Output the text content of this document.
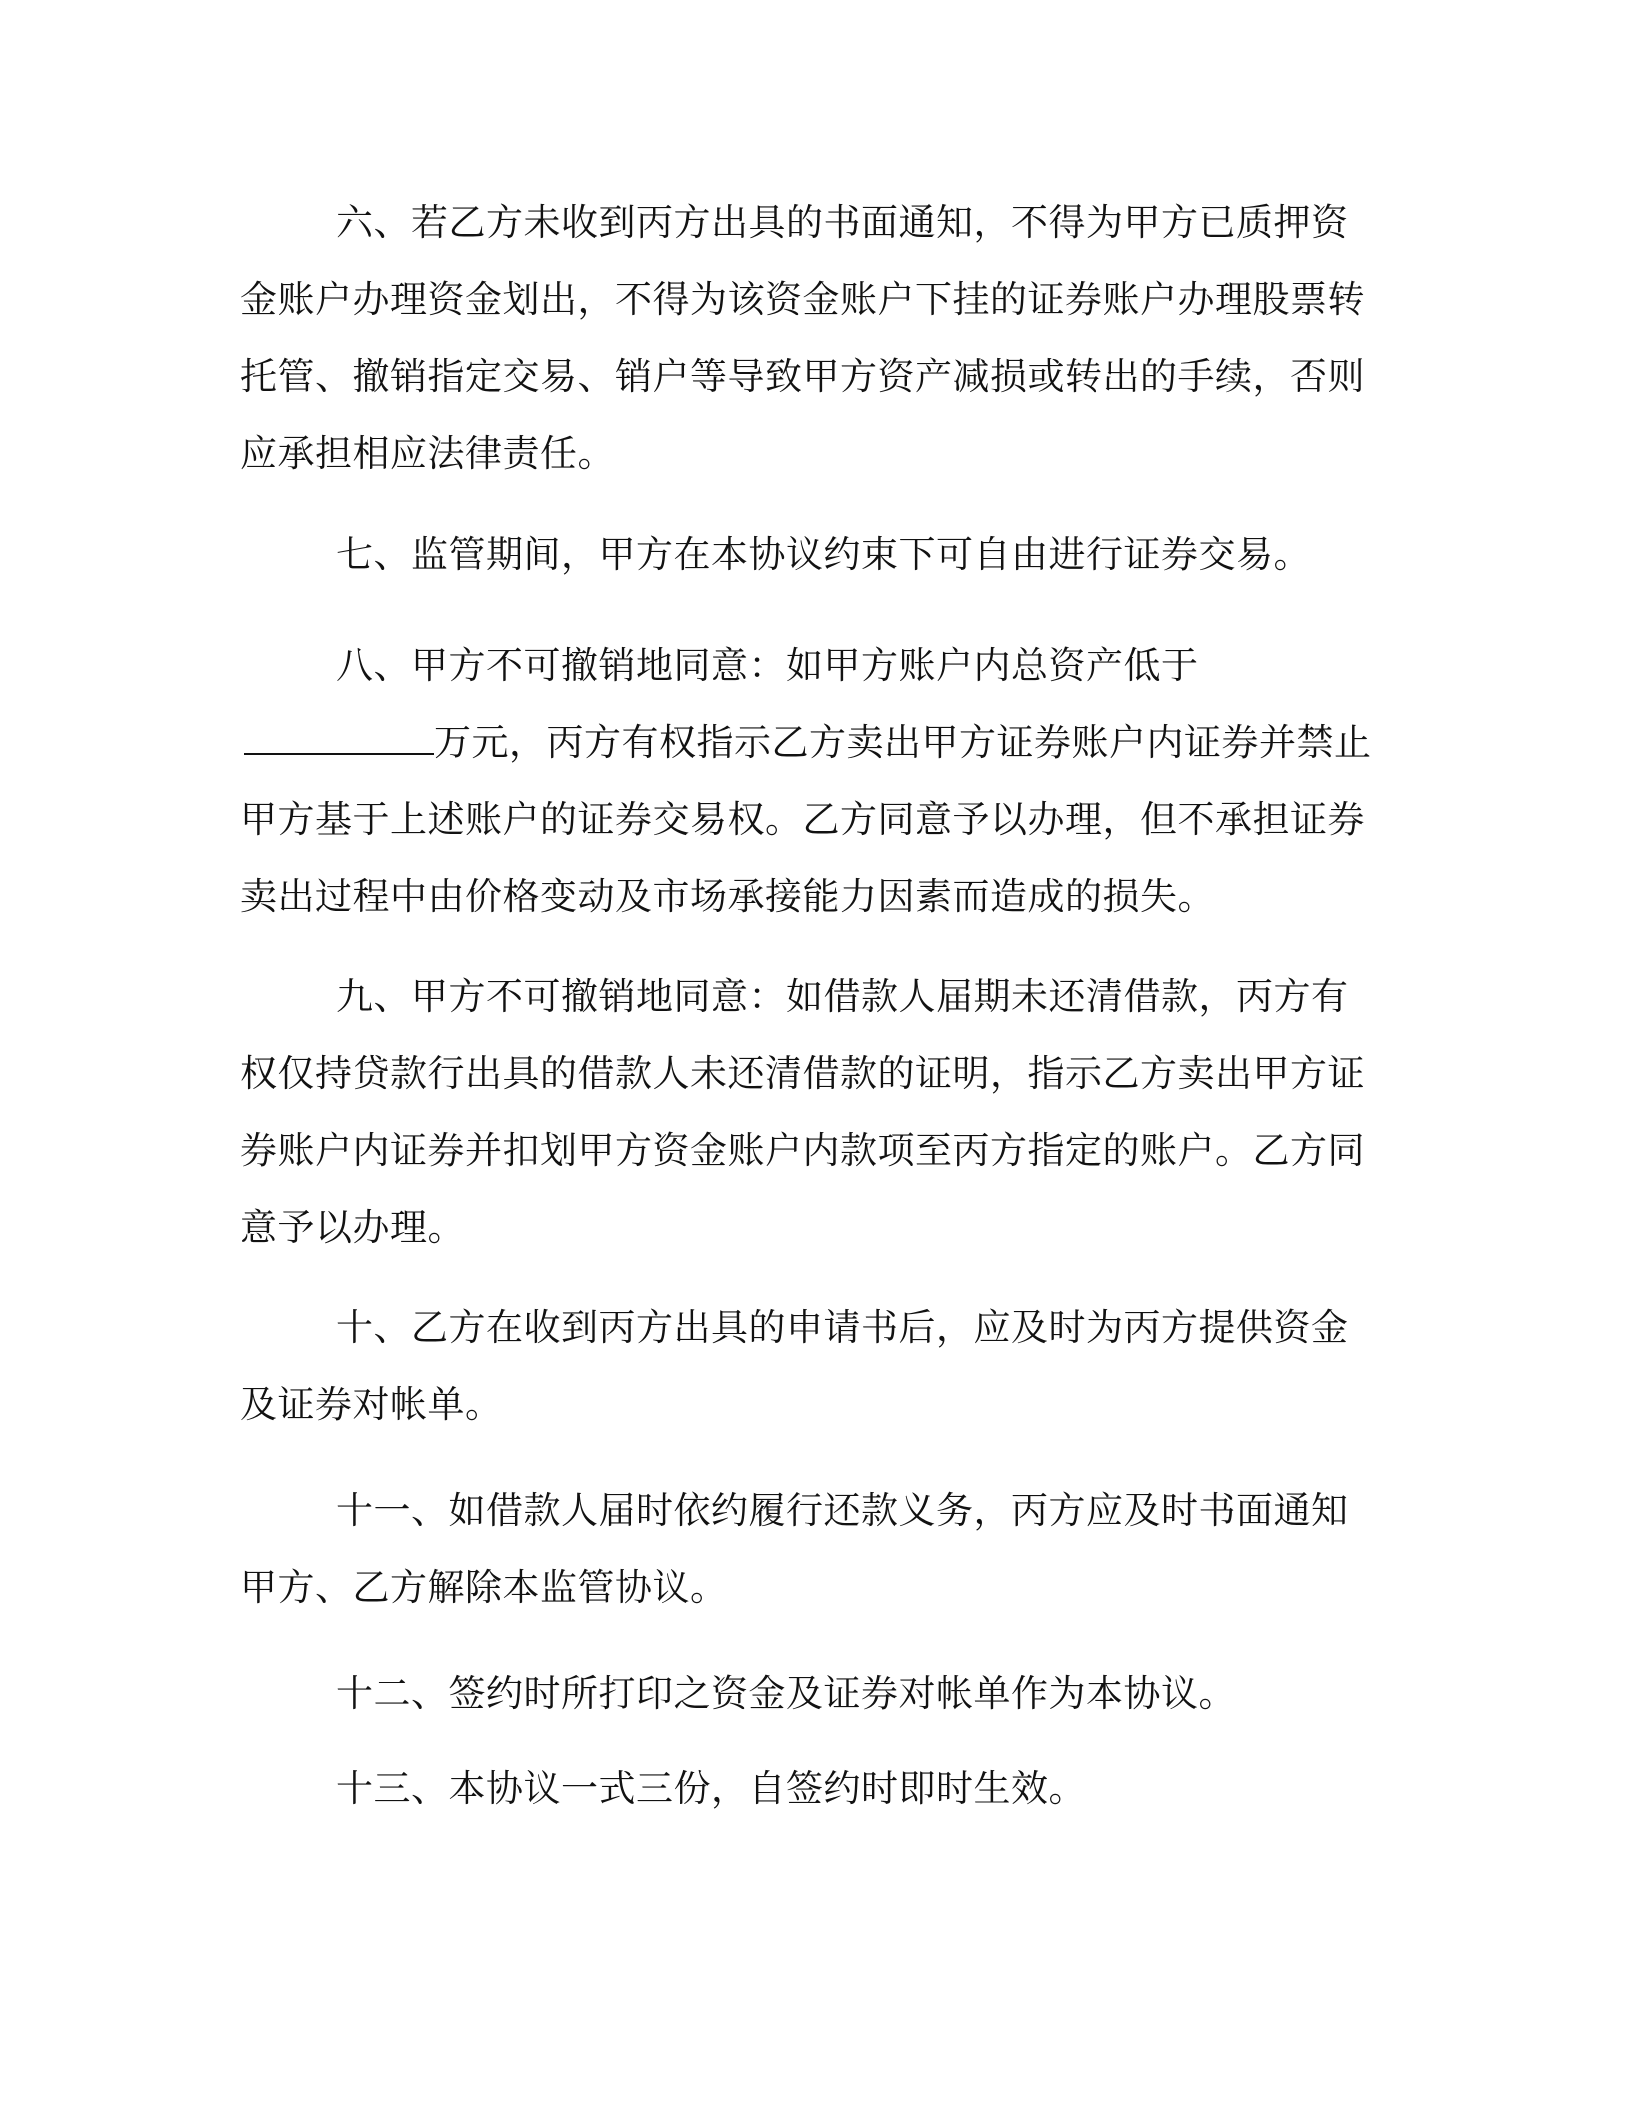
六、若乙方未收到丙方出具的书面通知，不得为甲方已质押资金账户办理资金划出，不得为该资金账户下挂的证券账户办理股票转托管、撤销指定交易、销户等导致甲方资产减损或转出的手续，否则应承担相应法律责任。

七、监管期间，甲方在本协议约束下可自由进行证券交易。

八、甲方不可撤销地同意：如甲方账户内总资产低于万元，丙方有权指示乙方卖出甲方证券账户内证券并禁止甲方基于上述账户的证券交易权。乙方同意予以办理，但不承担证券卖出过程中由价格变动及市场承接能力因素而造成的损失。

九、甲方不可撤销地同意：如借款人届期未还清借款，丙方有权仅持贷款行出具的借款人未还清借款的证明，指示乙方卖出甲方证券账户内证券并扣划甲方资金账户内款项至丙方指定的账户。乙方同意予以办理。

十、乙方在收到丙方出具的申请书后，应及时为丙方提供资金及证券对帐单。

十一、如借款人届时依约履行还款义务，丙方应及时书面通知甲方、乙方解除本监管协议。

十二、签约时所打印之资金及证券对帐单作为本协议。

十三、本协议一式三份，自签约时即时生效。
